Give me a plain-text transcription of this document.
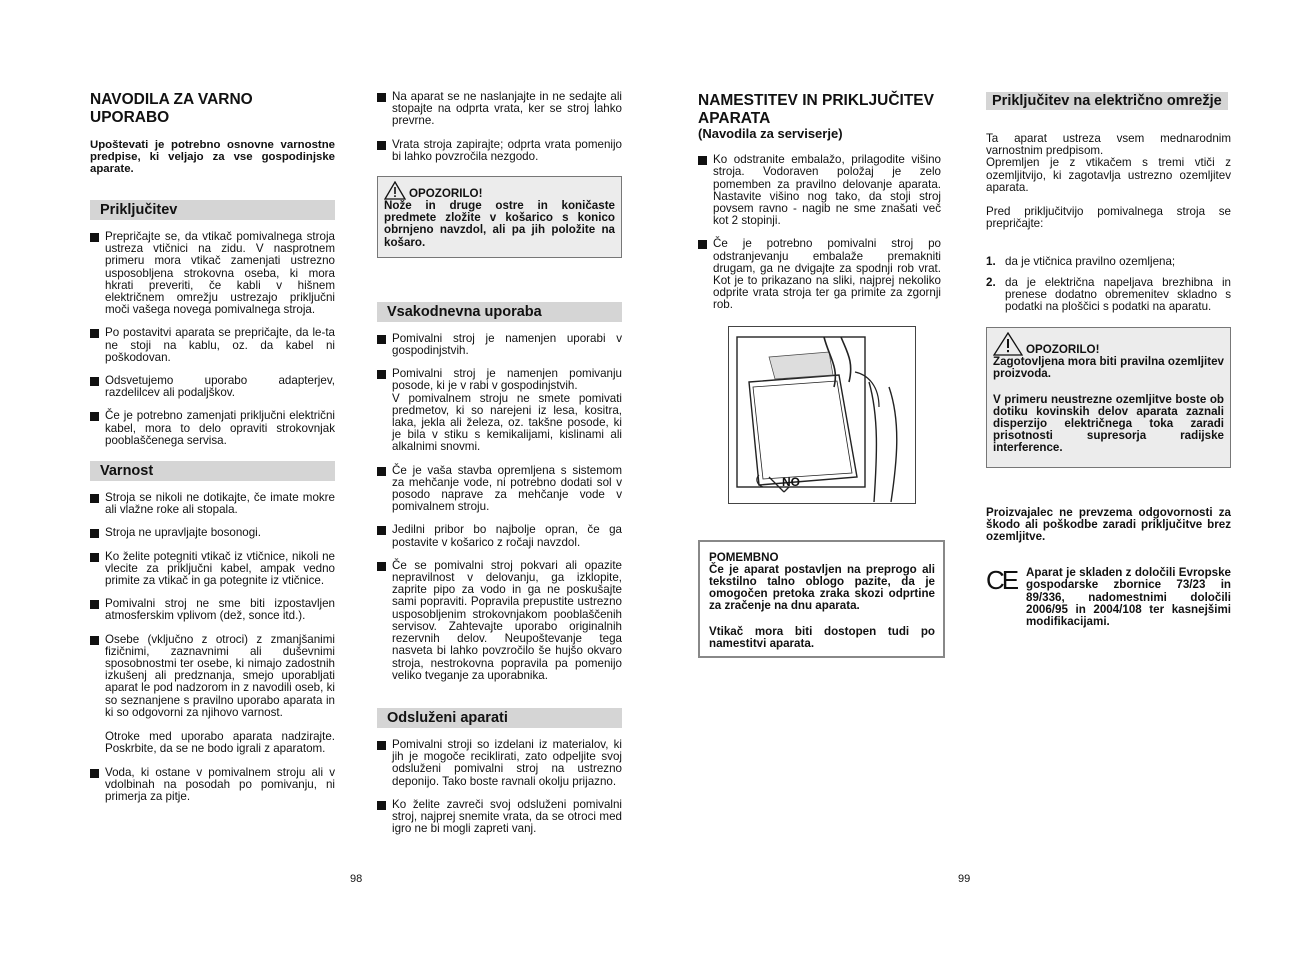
NAVODILA ZA VARNO UPORABO
Upoštevati je potrebno osnovne varnostne predpise, ki veljajo za vse gospodinjske aparate.
Priključitev
Prepričajte se, da vtikač pomivalnega stroja ustreza vtičnici na zidu. V nasprotnem primeru mora vtikač zamenjati ustrezno usposobljena strokovna oseba, ki mora hkrati preveriti, če kabli v hišnem električnem omrežju ustrezajo priključni moči vašega novega pomivalnega stroja.
Po postavitvi aparata se prepričajte, da le-ta ne stoji na kablu, oz. da kabel ni poškodovan.
Odsvetujemo uporabo adapterjev, razdelilcev ali podaljškov.
Če je potrebno zamenjati priključni električni kabel, mora to delo opraviti strokovnjak pooblaščenega servisa.
Varnost
Stroja se nikoli ne dotikajte, če imate mokre ali vlažne roke ali stopala.
Stroja ne upravljajte bosonogi.
Ko želite potegniti vtikač iz vtičnice, nikoli ne vlecite za priključni kabel, ampak vedno primite za vtikač in ga potegnite iz vtičnice.
Pomivalni stroj ne sme biti izpostavljen atmosferskim vplivom (dež, sonce itd.).
Osebe (vključno z otroci) z zmanjšanimi fizičnimi, zaznavnimi ali duševnimi sposobnostmi ter osebe, ki nimajo zadostnih izkušenj ali predznanja, smejo uporabljati aparat le pod nadzorom in z navodili oseb, ki so seznanjene s pravilno uporabo aparata in ki so odgovorni za njihovo varnost.
Otroke med uporabo aparata nadzirajte. Poskrbite, da se ne bodo igrali z aparatom.
Voda, ki ostane v pomivalnem stroju ali v vdolbinah na posodah po pomivanju, ni primerja za pitje.
98
Na aparat se ne naslanjajte in ne sedajte ali stopajte na odprta vrata, ker se stroj lahko prevrne.
Vrata stroja zapirajte; odprta vrata pomenijo bi lahko povzročila nezgodo.
OPOZORILO!

Nože in druge ostre in koničaste predmete zložite v košarico s konico obrnjeno navzdol, ali pa jih položite na košaro.

Vsakodnevna uporaba
Pomivalni stroj je namenjen uporabi v gospodinjstvih.
Pomivalni stroj je namenjen pomivanju posode, ki je v rabi v gospodinjstvih.
V pomivalnem stroju ne smete pomivati predmetov, ki so narejeni iz lesa, kositra, laka, jekla ali železa, oz. takšne posode, ki je bila v stiku s kemikalijami, kislinami ali alkalnimi snovmi.
Če je vaša stavba opremljena s sistemom za mehčanje vode, ni potrebno dodati sol v posodo naprave za mehčanje vode v pomivalnem stroju.
Jedilni pribor bo najbolje opran, če ga postavite v košarico z ročaji navzdol.
Če se pomivalni stroj pokvari ali opazite nepravilnost v delovanju, ga izklopite, zaprite pipo za vodo in ga ne poskušajte sami popraviti. Popravila prepustite ustrezno usposobljenim strokovnjakom pooblaščenih servisov. Zahtevajte uporabo originalnih rezervnih delov. Neupoštevanje tega nasveta bi lahko povzročilo še hujšo okvaro stroja, nestrokovna popravila pa pomenijo veliko tveganje za uporabnika.
Odsluženi aparati
Pomivalni stroji so izdelani iz materialov, ki jih je mogoče reciklirati, zato odpeljite svoj odsluženi pomivalni stroj na ustrezno deponijo. Tako boste ravnali okolju prijazno.
Ko želite zavreči svoj odsluženi pomivalni stroj, najprej snemite vrata, da se otroci med igro ne bi mogli zapreti vanj.
NAMESTITEV IN PRIKLJUČITEV APARATA
(Navodila za serviserje)
Ko odstranite embalažo, prilagodite višino stroja. Vodoraven položaj je zelo pomemben za pravilno delovanje aparata. Nastavite višino nog tako, da stoji stroj povsem ravno - nagib ne sme znašati več kot 2 stopinji.
Če je potrebno pomivalni stroj po odstranjevanju embalaže premakniti drugam, ga ne dvigajte za spodnji rob vrat. Kot je to prikazano na sliki, najprej nekoliko odprite vrata stroja ter ga primite za zgornji rob.
NO

POMEMBNO

Če je aparat postavljen na preprogo ali tekstilno talno oblogo pazite, da je omogočen pretoka zraka skozi odprtine za zračenje na dnu aparata.

Vtikač mora biti dostopen tudi po namestitvi aparata.

99
Priključitev na električno omrežje

Ta aparat ustreza vsem mednarodnim varnostnim predpisom.

Opremljen je z vtikačem s tremi vtiči z ozemljitvijo, ki zagotavlja ustrezno ozemljitev aparata.

Pred priključitvijo pomivalnega stroja se prepričajte:

1. da je vtičnica pravilno ozemljena;
2. da je električna napeljava brezhibna in prenese dodatno obremenitev skladno s podatki na ploščici s podatki na aparatu.
OPOZORILO!

Zagotovljena mora biti pravilna ozemljitev proizvoda.

V primeru neustrezne ozemljitve boste ob dotiku kovinskih delov aparata zaznali disperzijo električnega toka zaradi prisotnosti supresorja radijske interference.

Proizvajalec ne prevzema odgovornosti za škodo ali poškodbe zaradi priključitve brez ozemljitve.

CE Aparat je skladen z določili Evropske gospodarske zbornice 73/23 in 89/336, nadomestnimi določili 2006/95 in 2004/108 ter kasnejšimi modifikacijami.
